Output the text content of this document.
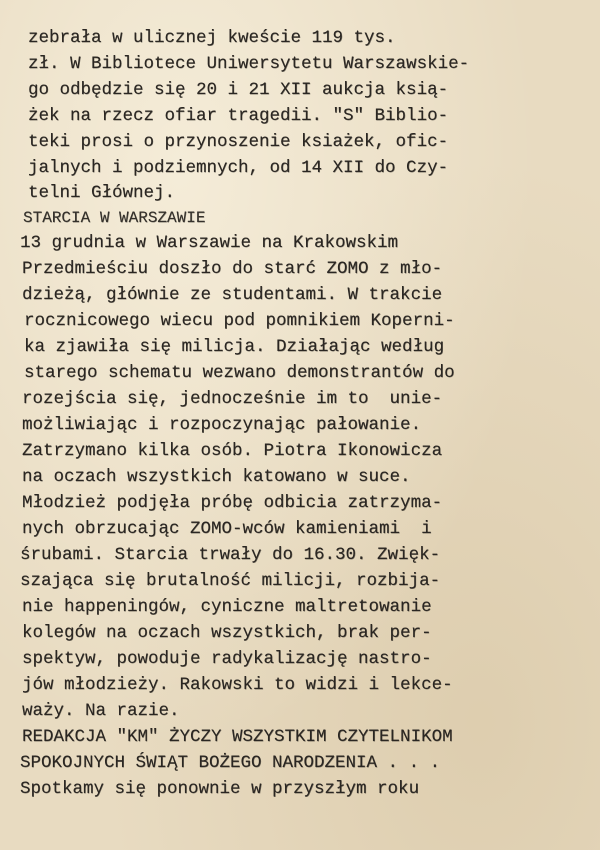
zebrała w ulicznej kweście 119 tys.
zł. W Bibliotece Uniwersytetu Warszawskie-
go odbędzie się 20 i 21 XII aukcja ksią-
żek na rzecz ofiar tragedii. "S" Biblio-
teki prosi o przynoszenie ksiażek, ofic-
jalnych i podziemnych, od 14 XII do Czy-
telni Głównej.
STARCIA W WARSZAWIE
13 grudnia w Warszawie na Krakowskim
Przedmieściu doszło do starć ZOMO z mło-
dzieżą, głównie ze studentami. W trakcie
rocznicowego wiecu pod pomnikiem Koperni-
ka zjawiła się milicja. Działając według
starego schematu wezwano demonstrantów do
rozejścia się, jednocześnie im to  unie-
możliwiając i rozpoczynając pałowanie.
Zatrzymano kilka osób. Piotra Ikonowicza
na oczach wszystkich katowano w suce.
Młodzież podjęła próbę odbicia zatrzyma-
nych obrzucając ZOMO-wców kamieniami  i
śrubami. Starcia trwały do 16.30. Zwięk-
szająca się brutalność milicji, rozbija-
nie happeningów, cyniczne maltretowanie
kolegów na oczach wszystkich, brak per-
spektyw, powoduje radykalizację nastro-
jów młodzieży. Rakowski to widzi i lekce-
waży. Na razie.
REDAKCJA "KM" ŻYCZY WSZYSTKIM CZYTELNIKOM
SPOKOJNYCH ŚWIĄT BOŻEGO NARODZENIA . . .
Spotkamy się ponownie w przyszłym roku
